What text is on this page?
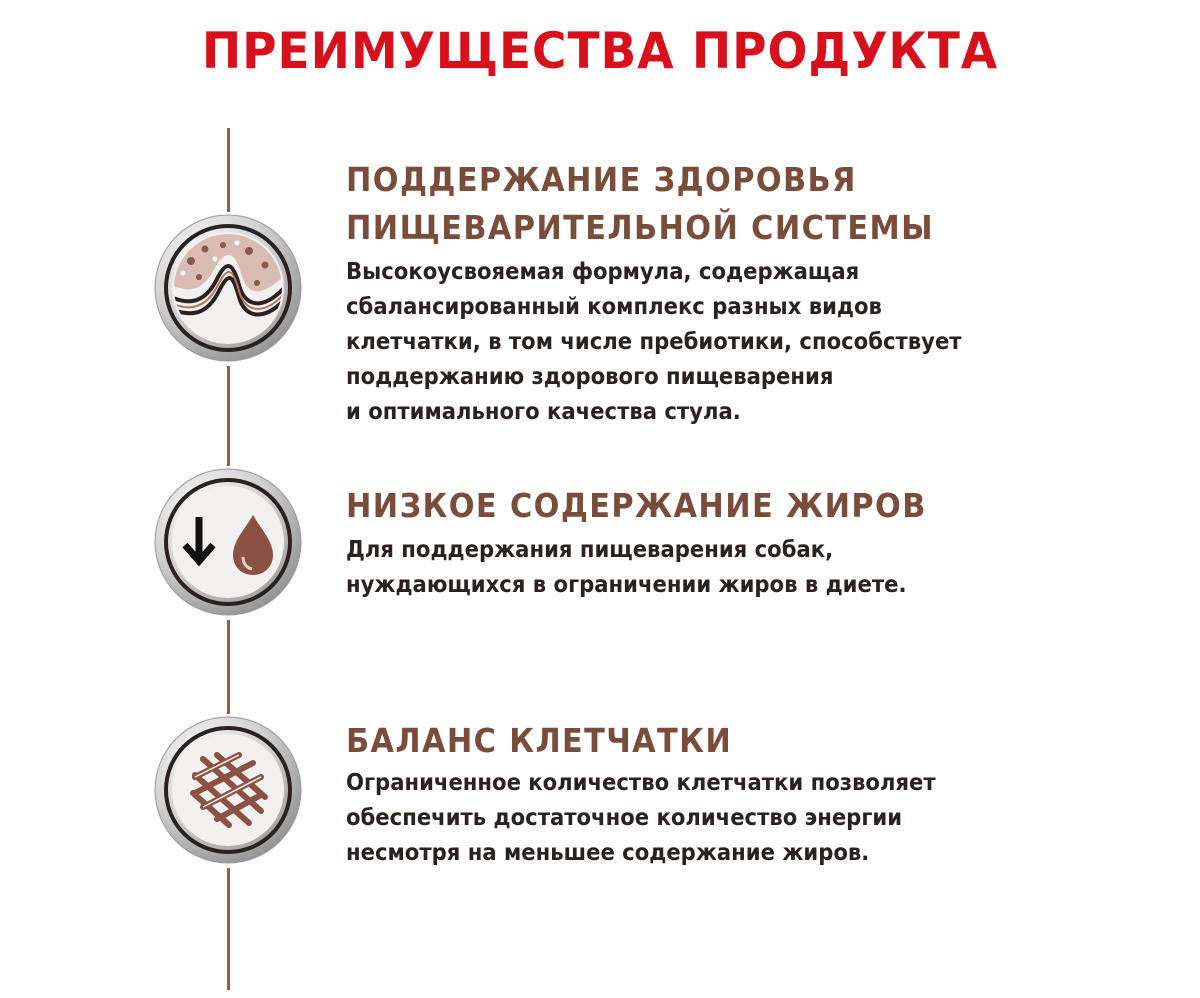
ПРЕИМУЩЕСТВА ПРОДУКТА
ПОДДЕРЖАНИЕ ЗДОРОВЬЯ
ПИЩЕВАРИТЕЛЬНОЙ СИСТЕМЫ

Высокоусвояемая формула, содержащая
сбалансированный комплекс разных видов
клетчатки, в том числе пребиотики, способствует
поддержанию здорового пищеварения
и оптимального качества стула.

НИЗКОЕ СОДЕРЖАНИЕ ЖИРОВ

Для поддержания пищеварения собак,
нуждающихся в ограничении жиров в диете.

БАЛАНС КЛЕТЧАТКИ

Ограниченное количество клетчатки позволяет
обеспечить достаточное количество энергии
несмотря на меньшее содержание жиров.
